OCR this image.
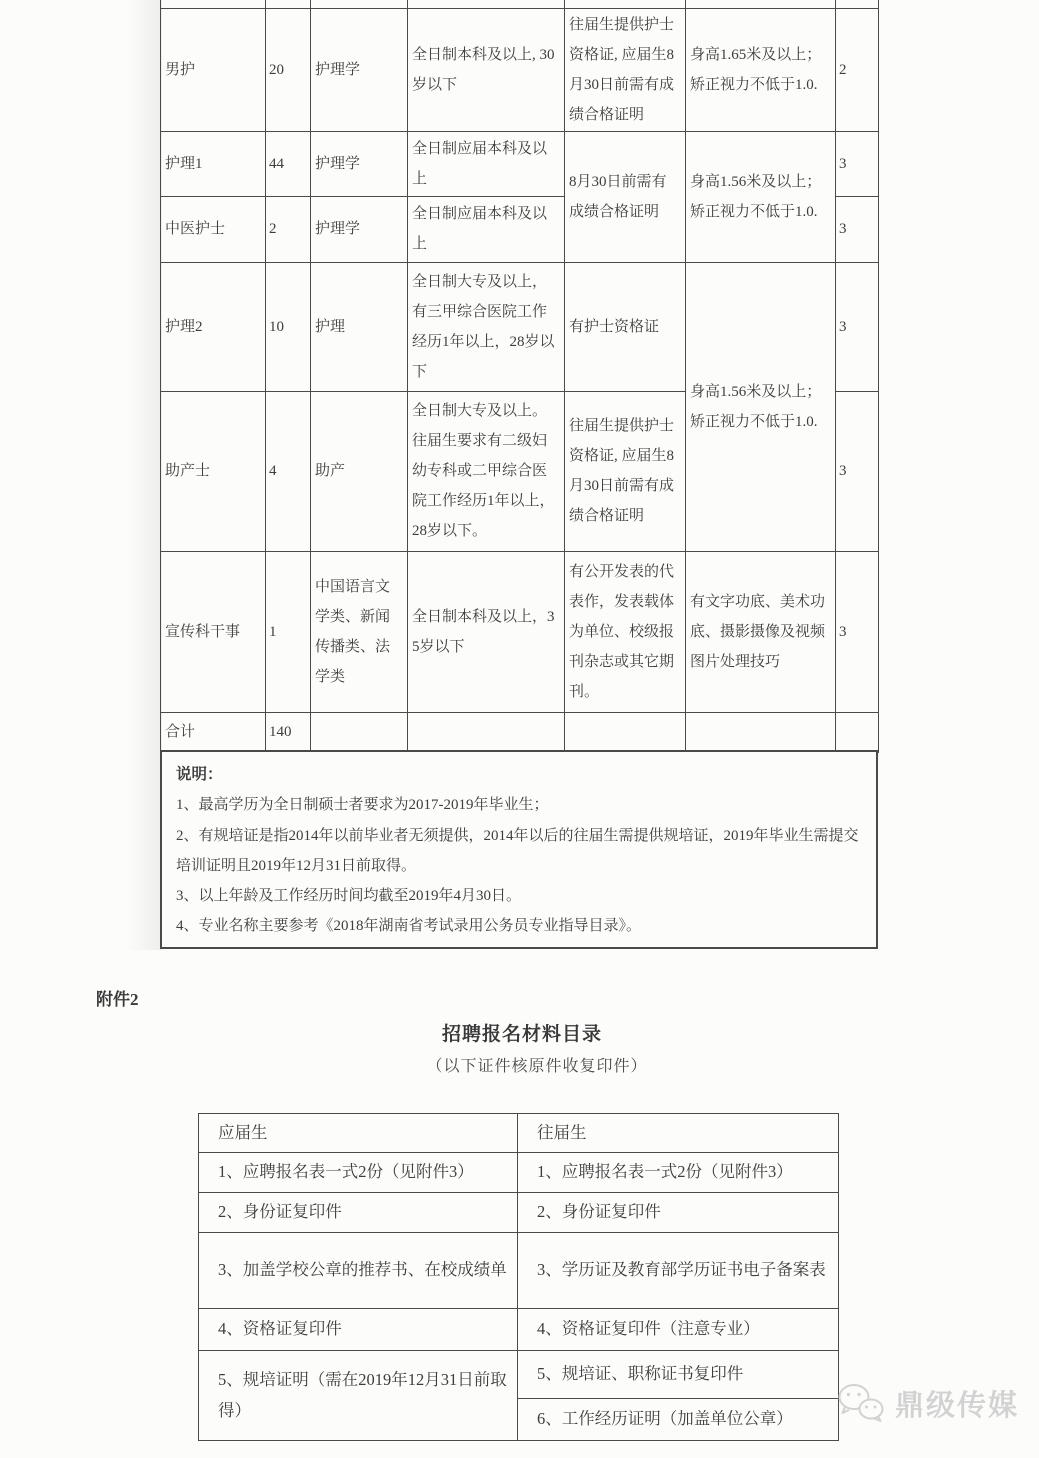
男护	20	护理学	全日制本科及以上, 30岁以下	往届生提供护士资格证, 应届生8月30日前需有成绩合格证明	身高1.65米及以上；矫正视力不低于1.0.	2
护理1	44	护理学	全日制应届本科及以上	8月30日前需有成绩合格证明	身高1.56米及以上；矫正视力不低于1.0.	3
中医护士	2	护理学	全日制应届本科及以上			3
护理2	10	护理	全日制大专及以上，有三甲综合医院工作经历1年以上，28岁以下	有护士资格证	身高1.56米及以上；矫正视力不低于1.0.	3
助产士	4	助产	全日制大专及以上。往届生要求有二级妇幼专科或二甲综合医院工作经历1年以上，28岁以下。	往届生提供护士资格证, 应届生8月30日前需有成绩合格证明		3
宣传科干事	1	中国语言文学类、新闻传播类、法学类	全日制本科及以上，35岁以下	有公开发表的代表作，发表载体为单位、校级报刊杂志或其它期刊。	有文字功底、美术功底、摄影摄像及视频图片处理技巧	3
合计	140					
说明：
1、最高学历为全日制硕士者要求为2017-2019年毕业生；
2、有规培证是指2014年以前毕业者无须提供，2014年以后的往届生需提供规培证，2019年毕业生需提交培训证明且2019年12月31日前取得。
3、以上年龄及工作经历时间均截至2019年4月30日。
4、专业名称主要参考《2018年湖南省考试录用公务员专业指导目录》。
附件2
招聘报名材料目录
（以下证件核原件收复印件）
应届生	往届生
1、应聘报名表一式2份（见附件3）	1、应聘报名表一式2份（见附件3）
2、身份证复印件	2、身份证复印件
3、加盖学校公章的推荐书、在校成绩单	3、学历证及教育部学历证书电子备案表
4、资格证复印件	4、资格证复印件（注意专业）
5、规培证明（需在2019年12月31日前取得）	5、规培证、职称证书复印件
	6、工作经历证明（加盖单位公章）	鼎级传媒
